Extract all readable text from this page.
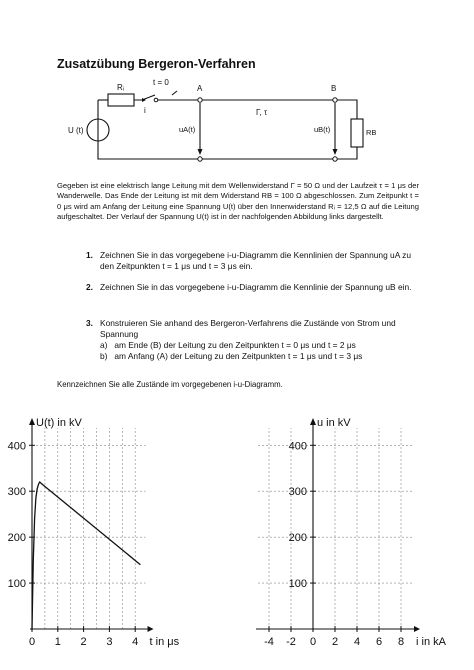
Zusatzübung Bergeron-Verfahren
Rᵢ
t = 0
i
A	B
Γ, τ
U (t)	uA(t)	uB(t)	RB
Gegeben ist eine elektrisch lange Leitung mit dem Wellenwiderstand Γ = 50 Ω und der Laufzeit τ = 1 μs der Wanderwelle. Das Ende der Leitung ist mit dem Widerstand RB = 100 Ω abgeschlossen. Zum Zeitpunkt t = 0 μs wird am Anfang der Leitung eine Spannung U(t) über den Innenwiderstand Rᵢ = 12,5 Ω auf die Leitung aufgeschaltet. Der Verlauf der Spannung U(t) ist in der nachfolgenden Abbildung links dargestellt.
1. Zeichnen Sie in das vorgegebene i-u-Diagramm die Kennlinien der Spannung uA zu den Zeitpunkten t = 1 μs und t = 3 μs ein.
2. Zeichnen Sie in das vorgegebene i-u-Diagramm die Kennlinie der Spannung uB ein.
3. Konstruieren Sie anhand des Bergeron-Verfahrens die Zustände von Strom und Spannung
a) am Ende (B) der Leitung zu den Zeitpunkten t = 0 μs und t = 2 μs
b) am Anfang (A) der Leitung zu den Zeitpunkten t = 1 μs und t = 3 μs
Kennzeichnen Sie alle Zustände im vorgegebenen i-u-Diagramm.
100
200
300
400
0 1 2 3 4
U(t) in kV
t in μs
100
200
300
400
-4 -2 0 2 4 6 8
u in kV
i in kA
